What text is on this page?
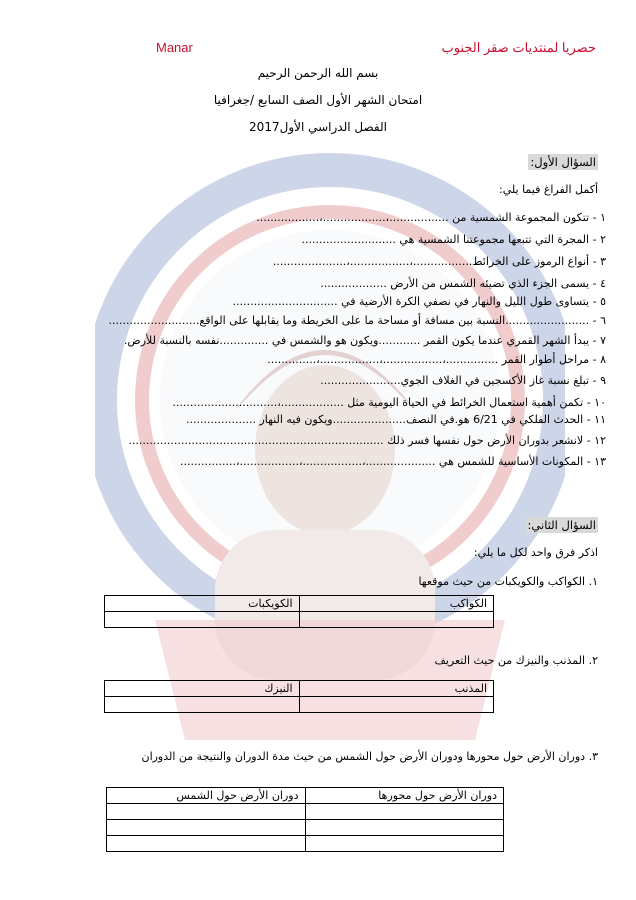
حصريا لمنتديات صقر الجنوب
Manar
بسم الله الرحمن الرحيم
امتحان الشهر الأول الصف السابع /جغرافيا
الفصل الدراسي الأول2017
السؤال الأول:
أكمل الفراغ فيما يلي:
١ - تتكون المجموعة الشمسية من .................،..................،..................
٢ - المجرة التي تتبعها مجموعتنا الشمسية هي ...........................
٣ - أنواع الرموز على الخرائط.................،.................،.....................
٤ - يسمى الجزء الذي تضيئه الشمس من الأرض ...................
٥ - يتساوى طول الليل والنهار في نصفي الكرة الأرضية في ..............................
٦ - ........................النسبة بين مسافة أو مساحة ما على الخريطة وما يقابلها على الواقع..........................
٧ - يبدأ الشهر القمري عندما يكون القمر ............ويكون هو والشمس في ..............نفسه بالنسبة للأرض.
٨ - مراحل أطوار القمر ...............،.................،.................،..............
٩ - تبلغ نسبة غاز الأكسجين في الغلاف الجوي.......................
١٠ - تكمن أهمية استعمال الخرائط في الحياة اليومية مثل ..................،..............................
١١ - الحدث الفلكي في 6/21 هو.في النصف.....................ويكون فيه النهار ....................
١٢ - لانشعر بدوران الأرض حول نفسها فسر ذلك .........................................................................
١٣ - المكونات الأساسية للشمس هي ....................،.................،.................،................
السؤال الثاني:
اذكر فرق واحد لكل ما يلي:
١. الكواكب والكويكبات من حيث موقعها
الكواكب	الكويكبات

٢. المذنب والنيزك من حيث التعريف
المذنب	النيزك

٣. دوران الأرض حول محورها ودوران الأرض حول الشمس من حيث مدة الدوران والنتيجة من الدوران
دوران الأرض حول محورها	دوران الأرض حول الشمس
